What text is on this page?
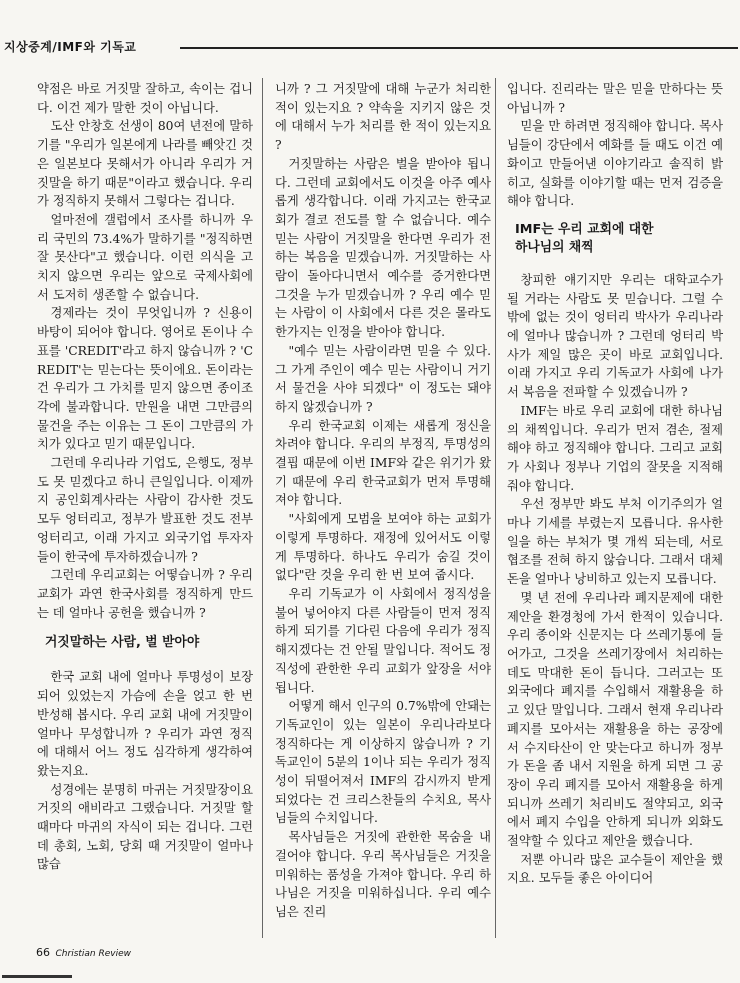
지상중계/IMF와 기독교

약점은 바로 거짓말 잘하고, 속이는 겁니다. 이건 제가 말한 것이 아닙니다.

도산 안창호 선생이 80여 년전에 말하기를 "우리가 일본에게 나라를 빼앗긴 것은 일본보다 못해서가 아니라 우리가 거짓말을 하기 때문"이라고 했습니다. 우리가 정직하지 못해서 그렇다는 겁니다.

얼마전에 갤럽에서 조사를 하니까 우리 국민의 73.4%가 말하기를 "정직하면 잘 못산다"고 했습니다. 이런 의식을 고치지 않으면 우리는 앞으로 국제사회에서 도저히 생존할 수 없습니다.

경제라는 것이 무엇입니까 ? 신용이 바탕이 되어야 합니다. 영어로 돈이나 수표를 'CREDIT'라고 하지 않습니까 ? 'CREDIT'는 믿는다는 뜻이에요. 돈이라는 건 우리가 그 가치를 믿지 않으면 종이조각에 불과합니다. 만원을 내면 그만큼의 물건을 주는 이유는 그 돈이 그만큼의 가치가 있다고 믿기 때문입니다.

그런데 우리나라 기업도, 은행도, 정부도 못 믿겠다고 하니 큰일입니다. 이제까지 공인회계사라는 사람이 감사한 것도 모두 엉터리고, 정부가 발표한 것도 전부 엉터리고, 이래 가지고 외국기업 투자자들이 한국에 투자하겠습니까 ?

그런데 우리교회는 어떻습니까 ? 우리 교회가 과연 한국사회를 정직하게 만드는 데 얼마나 공헌을 했습니까 ?

거짓말하는 사람, 벌 받아야

한국 교회 내에 얼마나 투명성이 보장되어 있었는지 가슴에 손을 얹고 한 번 반성해 봅시다. 우리 교회 내에 거짓말이 얼마나 무성합니까 ? 우리가 과연 정직에 대해서 어느 정도 심각하게 생각하여 왔는지요.

성경에는 분명히 마귀는 거짓말장이요 거짓의 애비라고 그랬습니다. 거짓말 할 때마다 마귀의 자식이 되는 겁니다. 그런데 총회, 노회, 당회 때 거짓말이 얼마나 많습

니까 ? 그 거짓말에 대해 누군가 처리한 적이 있는지요 ? 약속을 지키지 않은 것에 대해서 누가 처리를 한 적이 있는지요 ?

거짓말하는 사람은 벌을 받아야 됩니다. 그런데 교회에서도 이것을 아주 예사롭게 생각합니다. 이래 가지고는 한국교회가 결코 전도를 할 수 없습니다. 예수 믿는 사람이 거짓말을 한다면 우리가 전하는 복음을 믿겠습니까. 거짓말하는 사람이 돌아다니면서 예수를 증거한다면 그것을 누가 믿겠습니까 ? 우리 예수 믿는 사람이 이 사회에서 다른 것은 몰라도 한가지는 인정을 받아야 합니다.

"예수 믿는 사람이라면 믿을 수 있다. 그 가게 주인이 예수 믿는 사람이니 거기서 물건을 사야 되겠다" 이 정도는 돼야하지 않겠습니까 ?

우리 한국교회 이제는 새롭게 정신을 차려야 합니다. 우리의 부정직, 투명성의 결핍 때문에 이번 IMF와 같은 위기가 왔기 때문에 우리 한국교회가 먼저 투명해져야 합니다.

"사회에게 모범을 보여야 하는 교회가 이렇게 투명하다. 재정에 있어서도 이렇게 투명하다. 하나도 우리가 숨길 것이 없다"란 것을 우리 한 번 보여 줍시다.

우리 기독교가 이 사회에서 정직성을 불어 넣어야지 다른 사람들이 먼저 정직하게 되기를 기다린 다음에 우리가 정직해지겠다는 건 안될 말입니다. 적어도 정직성에 관한한 우리 교회가 앞장을 서야 됩니다.

어떻게 해서 인구의 0.7%밖에 안돼는 기독교인이 있는 일본이 우리나라보다 정직하다는 게 이상하지 않습니까 ? 기독교인이 5분의 1이나 되는 우리가 정직성이 뒤떨어져서 IMF의 감시까지 받게 되었다는 건 크리스찬들의 수치요, 목사님들의 수치입니다.

목사님들은 거짓에 관한한 목숨을 내걸어야 합니다. 우리 목사님들은 거짓을 미워하는 품성을 가져야 합니다. 우리 하나님은 거짓을 미워하십니다. 우리 예수님은 진리

입니다. 진리라는 말은 믿을 만하다는 뜻 아닙니까 ?

믿을 만 하려면 정직해야 합니다. 목사님들이 강단에서 예화를 들 때도 이건 예화이고 만들어낸 이야기라고 솔직히 밝히고, 실화를 이야기할 때는 먼저 검증을 해야 합니다.

IMF는 우리 교회에 대한
하나님의 채찍

창피한 얘기지만 우리는 대학교수가 될 거라는 사람도 못 믿습니다. 그럴 수밖에 없는 것이 엉터리 박사가 우리나라에 얼마나 많습니까 ? 그런데 엉터리 박사가 제일 많은 곳이 바로 교회입니다. 이래 가지고 우리 기독교가 사회에 나가서 복음을 전파할 수 있겠습니까 ?

IMF는 바로 우리 교회에 대한 하나님의 채찍입니다. 우리가 먼저 겸손, 절제해야 하고 정직해야 합니다. 그리고 교회가 사회나 정부나 기업의 잘못을 지적해줘야 합니다.

우선 정부만 봐도 부처 이기주의가 얼마나 기세를 부렸는지 모릅니다. 유사한 일을 하는 부처가 몇 개씩 되는데, 서로 협조를 전혀 하지 않습니다. 그래서 대체 돈을 얼마나 낭비하고 있는지 모릅니다.

몇 년 전에 우리나라 폐지문제에 대한 제안을 환경청에 가서 한적이 있습니다. 우리 종이와 신문지는 다 쓰레기통에 들어가고, 그것을 쓰레기장에서 처리하는 데도 막대한 돈이 듭니다. 그러고는 또 외국에다 폐지를 수입해서 재활용을 하고 있단 말입니다. 그래서 현재 우리나라 폐지를 모아서는 재활용을 하는 공장에서 수지타산이 안 맞는다고 하니까 정부가 돈을 좀 내서 지원을 하게 되면 그 공장이 우리 폐지를 모아서 재활용을 하게 되니까 쓰레기 처리비도 절약되고, 외국에서 폐지 수입을 안하게 되니까 외화도 절약할 수 있다고 제안을 했습니다.

저뿐 아니라 많은 교수들이 제안을 했지요. 모두들 좋은 아이디어

66 Christian Review
